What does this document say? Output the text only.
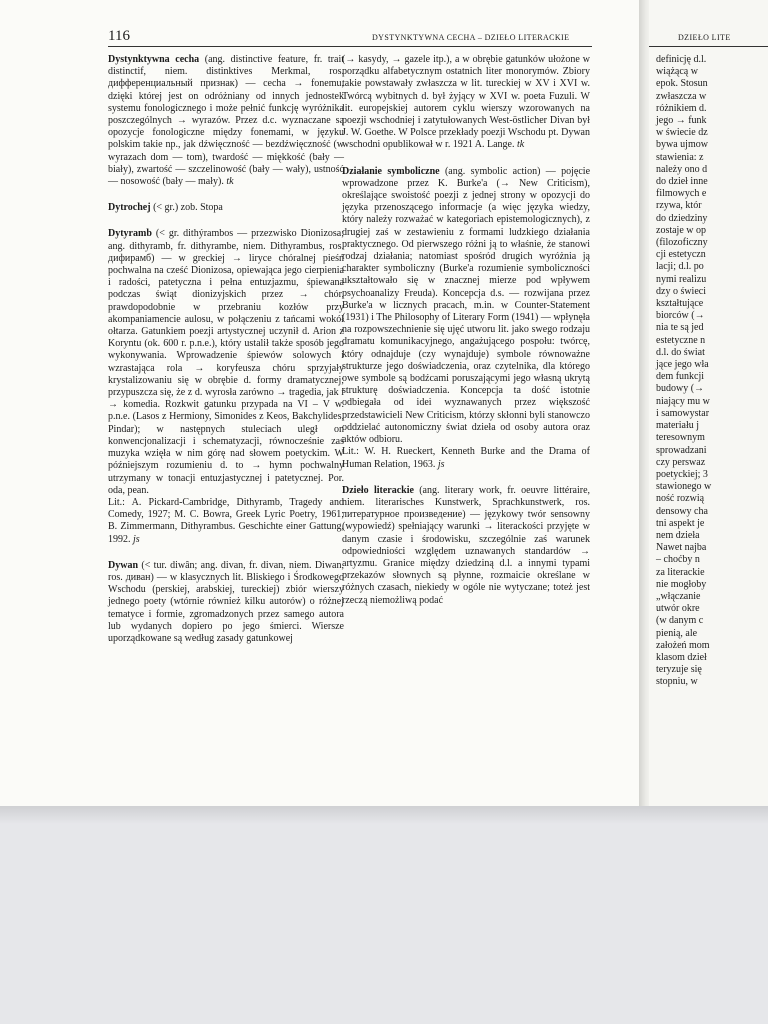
DZIEŁO LITE
definicję d.l.
wiążącą w
epok. Stosun
zwłaszcza w
różnikiem d.
jego → funk
w świecie dz
bywa ujmow
stawienia: z
należy ono d
do dzieł inne
filmowych e
rzywa, któr
do dziedziny
zostaje w op
(filozoficzny
cji estetyczn
lacji; d.l. po
nymi realizu
dzy o świeci
kształtujące
biorców (→
nia te są jed
estetyczne n
d.l. do świat
jące jego wła
dem funkcji
budowy (→
niający mu w
i samowystar
materiału j
teresownym
sprowadzani
czy perswaz
poetyckiej; 3
stawionego w
ność rozwią
densowy cha
tni aspekt je
nem dzieła
Nawet najba
– choćby n
za literackie
nie mogłoby
„włączanie
utwór okre
(w danym c
pienią, ale
założeń mom
klasom dzieł
teryzuje się
stopniu, w
116	DYSTYNKTYWNA CECHA – DZIEŁO LITERACKIE

Dystynktywna cecha (ang. distinctive feature, fr. trait distinctif, niem. distinktives Merkmal, ros. дифференциальный признак) — cecha → fonemu, dzięki której jest on odróżniany od innych jednostek systemu fonologicznego i może pełnić funkcję wyróżnika poszczególnych → wyrazów. Przez d.c. wyznaczane są opozycje fonologiczne między fonemami, w języku polskim takie np., jak dźwięczność — bezdźwięczność (w wyrazach dom — tom), twardość — miękkość (bały — biały), zwartość — szczelinowość (bały — wały), ustność — nosowość (bały — mały). tk

Dytrochej (< gr.) zob. Stopa

Dytyramb (< gr. dithýrambos — przezwisko Dionizosa; ang. dithyramb, fr. dithyrambe, niem. Dithyrambus, ros. дифирамб) — w greckiej → liryce chóralnej pieśń pochwalna na cześć Dionizosa, opiewająca jego cierpienia i radości, patetyczna i pełna entuzjazmu, śpiewana podczas świąt dionizyjskich przez → chór, prawdopodobnie w przebraniu kozłów przy akompaniamencie aulosu, w połączeniu z tańcami wokół ołtarza. Gatunkiem poezji artystycznej uczynił d. Arion z Koryntu (ok. 600 r. p.n.e.), który ustalił także sposób jego wykonywania. Wprowadzenie śpiewów solowych i wzrastająca rola → koryfeusza chóru sprzyjały krystalizowaniu się w obrębie d. formy dramatycznej; przypuszcza się, że z d. wyrosła zarówno → tragedia, jak i → komedia. Rozkwit gatunku przypada na VI – V w. p.n.e. (Lasos z Hermiony, Simonides z Keos, Bakchylides, Pindar); w następnych stuleciach uległ on konwencjonalizacji i schematyzacji, równocześnie zaś muzyka wzięła w nim górę nad słowem poetyckim. W późniejszym rozumieniu d. to → hymn pochwalny utrzymany w tonacji entuzjastycznej i patetycznej. Por. oda, pean.

Lit.: A. Pickard-Cambridge, Dithyramb, Tragedy and Comedy, 1927; M. C. Bowra, Greek Lyric Poetry, 1961; B. Zimmermann, Dithyrambus. Geschichte einer Gattung, 1992. js

Dywan (< tur. diwân; ang. divan, fr. divan, niem. Diwan, ros. диван) — w klasycznych lit. Bliskiego i Środkowego Wschodu (perskiej, arabskiej, tureckiej) zbiór wierszy jednego poety (wtórnie również kilku autorów) o różnej tematyce i formie, zgromadzonych przez samego autora lub wydanych dopiero po jego śmierci. Wiersze uporządkowane są według zasady gatunkowej

(→ kasydy, → gazele itp.), a w obrębie gatunków ułożone w porządku alfabetycznym ostatnich liter monorymów. Zbiory takie powstawały zwłaszcza w lit. tureckiej w XV i XVI w. Twórcą wybitnych d. był żyjący w XVI w. poeta Fuzuli. W lit. europejskiej autorem cyklu wierszy wzorowanych na poezji wschodniej i zatytułowanych West-östlicher Divan był J. W. Goethe. W Polsce przekłady poezji Wschodu pt. Dywan wschodni opublikował w r. 1921 A. Lange. tk

Działanie symboliczne (ang. symbolic action) — pojęcie wprowadzone przez K. Burke'a (→ New Criticism), określające swoistość poezji z jednej strony w opozycji do języka przenoszącego informacje (a więc języka wiedzy, który należy rozważać w kategoriach epistemologicznych), z drugiej zaś w zestawieniu z formami ludzkiego działania praktycznego. Od pierwszego różni ją to właśnie, że stanowi rodzaj działania; natomiast spośród drugich wyróżnia ją charakter symboliczny (Burke'a rozumienie symboliczności ukształtowało się w znacznej mierze pod wpływem psychoanalizy Freuda). Koncepcja d.s. — rozwijana przez Burke'a w licznych pracach, m.in. w Counter-Statement (1931) i The Philosophy of Literary Form (1941) — wpłynęła na rozpowszechnienie się ujęć utworu lit. jako swego rodzaju dramatu komunikacyjnego, angażującego pospołu: twórcę, który odnajduje (czy wynajduje) symbole równoważne strukturze jego doświadczenia, oraz czytelnika, dla którego owe symbole są bodźcami poruszającymi jego własną ukrytą strukturę doświadczenia. Koncepcja ta dość istotnie odbiegała od idei wyznawanych przez większość przedstawicieli New Criticism, którzy skłonni byli stanowczo oddzielać autonomiczny świat dzieła od osoby autora oraz aktów odbioru.

Lit.: W. H. Rueckert, Kenneth Burke and the Drama of Human Relation, 1963. js

Dzieło literackie (ang. literary work, fr. oeuvre littéraire, niem. literarisches Kunstwerk, Sprachkunstwerk, ros. литературное произведение) — językowy twór sensowny (wypowiedź) spełniający warunki → literackości przyjęte w danym czasie i środowisku, szczególnie zaś warunek odpowiedniości względem uznawanych standardów → artyzmu. Granice między dziedziną d.l. a innymi typami przekazów słownych są płynne, rozmaicie określane w różnych czasach, niekiedy w ogóle nie wytyczane; toteż jest rzeczą niemożliwą podać
